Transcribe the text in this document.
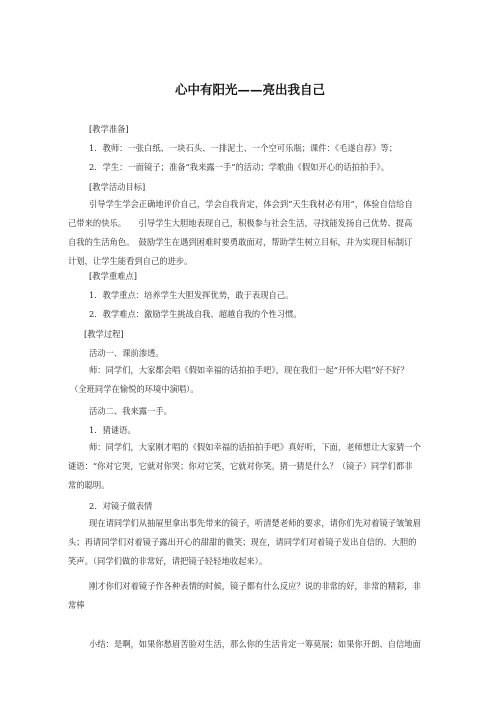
心中有阳光——亮出我自己
[教学准备]
1．教师：一张白纸、一块石头、一排泥土、一个空可乐瓶；课件：《毛遂自荐》等；
2．学生：一面镜子；准备“我来露一手”的活动；学歌曲《假如开心的话拍拍手》。
[教学活动目标]
引导学生学会正确地评价自己，学会自我肯定，体会到“天生我材必有用”，体验自信给自
己带来的快乐。　　引导学生大胆地表现自己，积极参与社会生活，寻找能发扬自己优势、提高
自我的生活角色。　鼓励学生在遇到困难时要勇敢面对，帮助学生树立目标，并为实现目标制订
计划，让学生能看到自己的进步。
[教学重难点]
1．教学重点：培养学生大胆发挥优势，敢于表现自己。
2．教学难点：激励学生挑战自我、超越自我的个性习惯。
[教学过程]
活动一、课前渗透。
师：同学们，大家都会唱《假如幸福的话拍拍手吧》，现在我们一起“开怀大唱”好不好？
（全班同学在愉悦的环境中演唱）。
活动二、我来露一手。
1．猜谜语。
师：同学们，大家刚才唱的《假如幸福的话拍拍手吧》真好听，下面，老师想让大家猜一个
谜语：“你对它哭，它就对你哭；你对它笑，它就对你笑。猜一猜是什么？（镜子）同学们都非
常的聪明。
2．对镜子做表情
现在请同学们从抽屉里拿出事先带来的镜子，听清楚老师的要求，请你们先对着镜子皱皱眉
头；再请同学们对着镜子露出开心的甜甜的微笑；现在，请同学们对着镜子发出自信的、大胆的
笑声。（同学们做的非常好，请把镜子轻轻地收起来）。
刚才你们对着镜子作各种表情的时候，镜子都有什么反应？说的非常的好，非常的精彩，非
常棒
小结：是啊，如果你愁眉苦脸对生活，那么你的生活肯定一筹莫展；如果你开朗、自信地面
